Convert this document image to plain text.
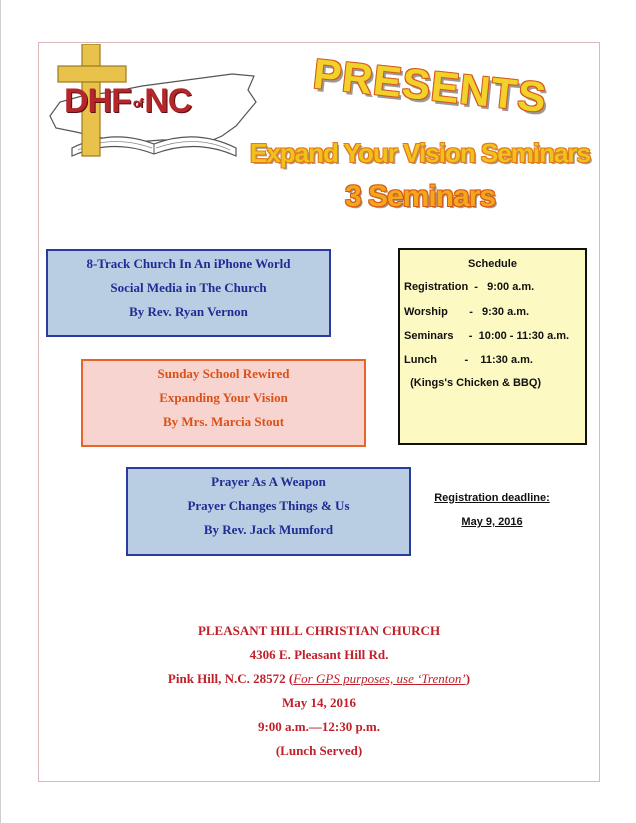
DHF ofNC	PRESENTS
Expand Your Vision Seminars
3 Seminars
8-Track Church In An iPhone World
Social Media in The Church
By Rev. Ryan Vernon
Sunday School Rewired
Expanding Your Vision
By Mrs. Marcia Stout
Prayer As A Weapon
Prayer Changes Things & Us
By Rev. Jack Mumford
Schedule
Registration  -   9:00 a.m.
Worship       -   9:30 a.m.
Seminars     -  10:00 - 11:30 a.m.
Lunch         -    11:30 a.m.
(Kings's Chicken & BBQ)
Registration deadline:
May 9, 2016
PLEASANT HILL CHRISTIAN CHURCH
4306 E. Pleasant Hill Rd.
Pink Hill, N.C. 28572 (For GPS purposes, use ‘Trenton’)
May 14, 2016
9:00 a.m.—12:30 p.m.
(Lunch Served)
